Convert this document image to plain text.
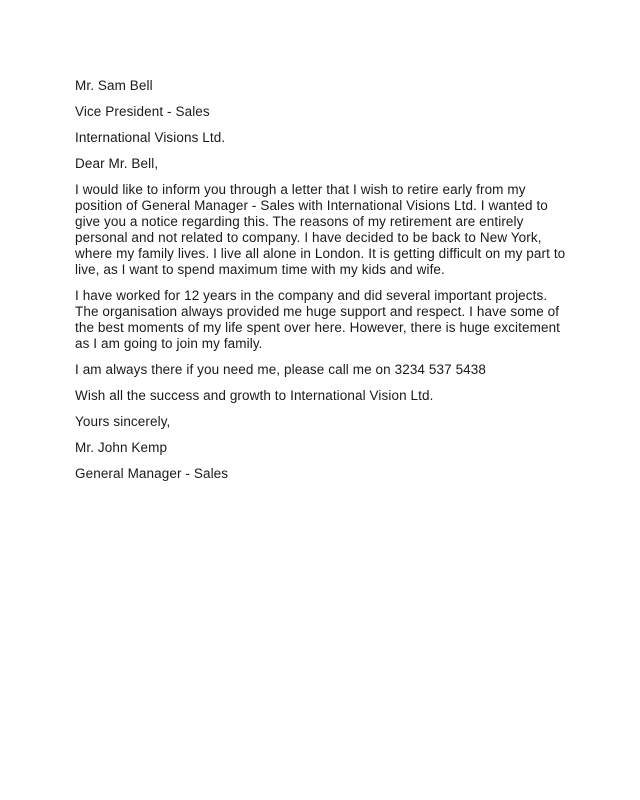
Mr. Sam Bell

Vice President - Sales

International Visions Ltd.

Dear Mr. Bell,

I would like to inform you through a letter that I wish to retire early from my position of General Manager - Sales with International Visions Ltd. I wanted to give you a notice regarding this. The reasons of my retirement are entirely personal and not related to company. I have decided to be back to New York, where my family lives. I live all alone in London. It is getting difficult on my part to live, as I want to spend maximum time with my kids and wife.

I have worked for 12 years in the company and did several important projects. The organisation always provided me huge support and respect. I have some of the best moments of my life spent over here. However, there is huge excitement as I am going to join my family.

I am always there if you need me, please call me on 3234 537 5438

Wish all the success and growth to International Vision Ltd.

Yours sincerely,

Mr. John Kemp

General Manager - Sales
